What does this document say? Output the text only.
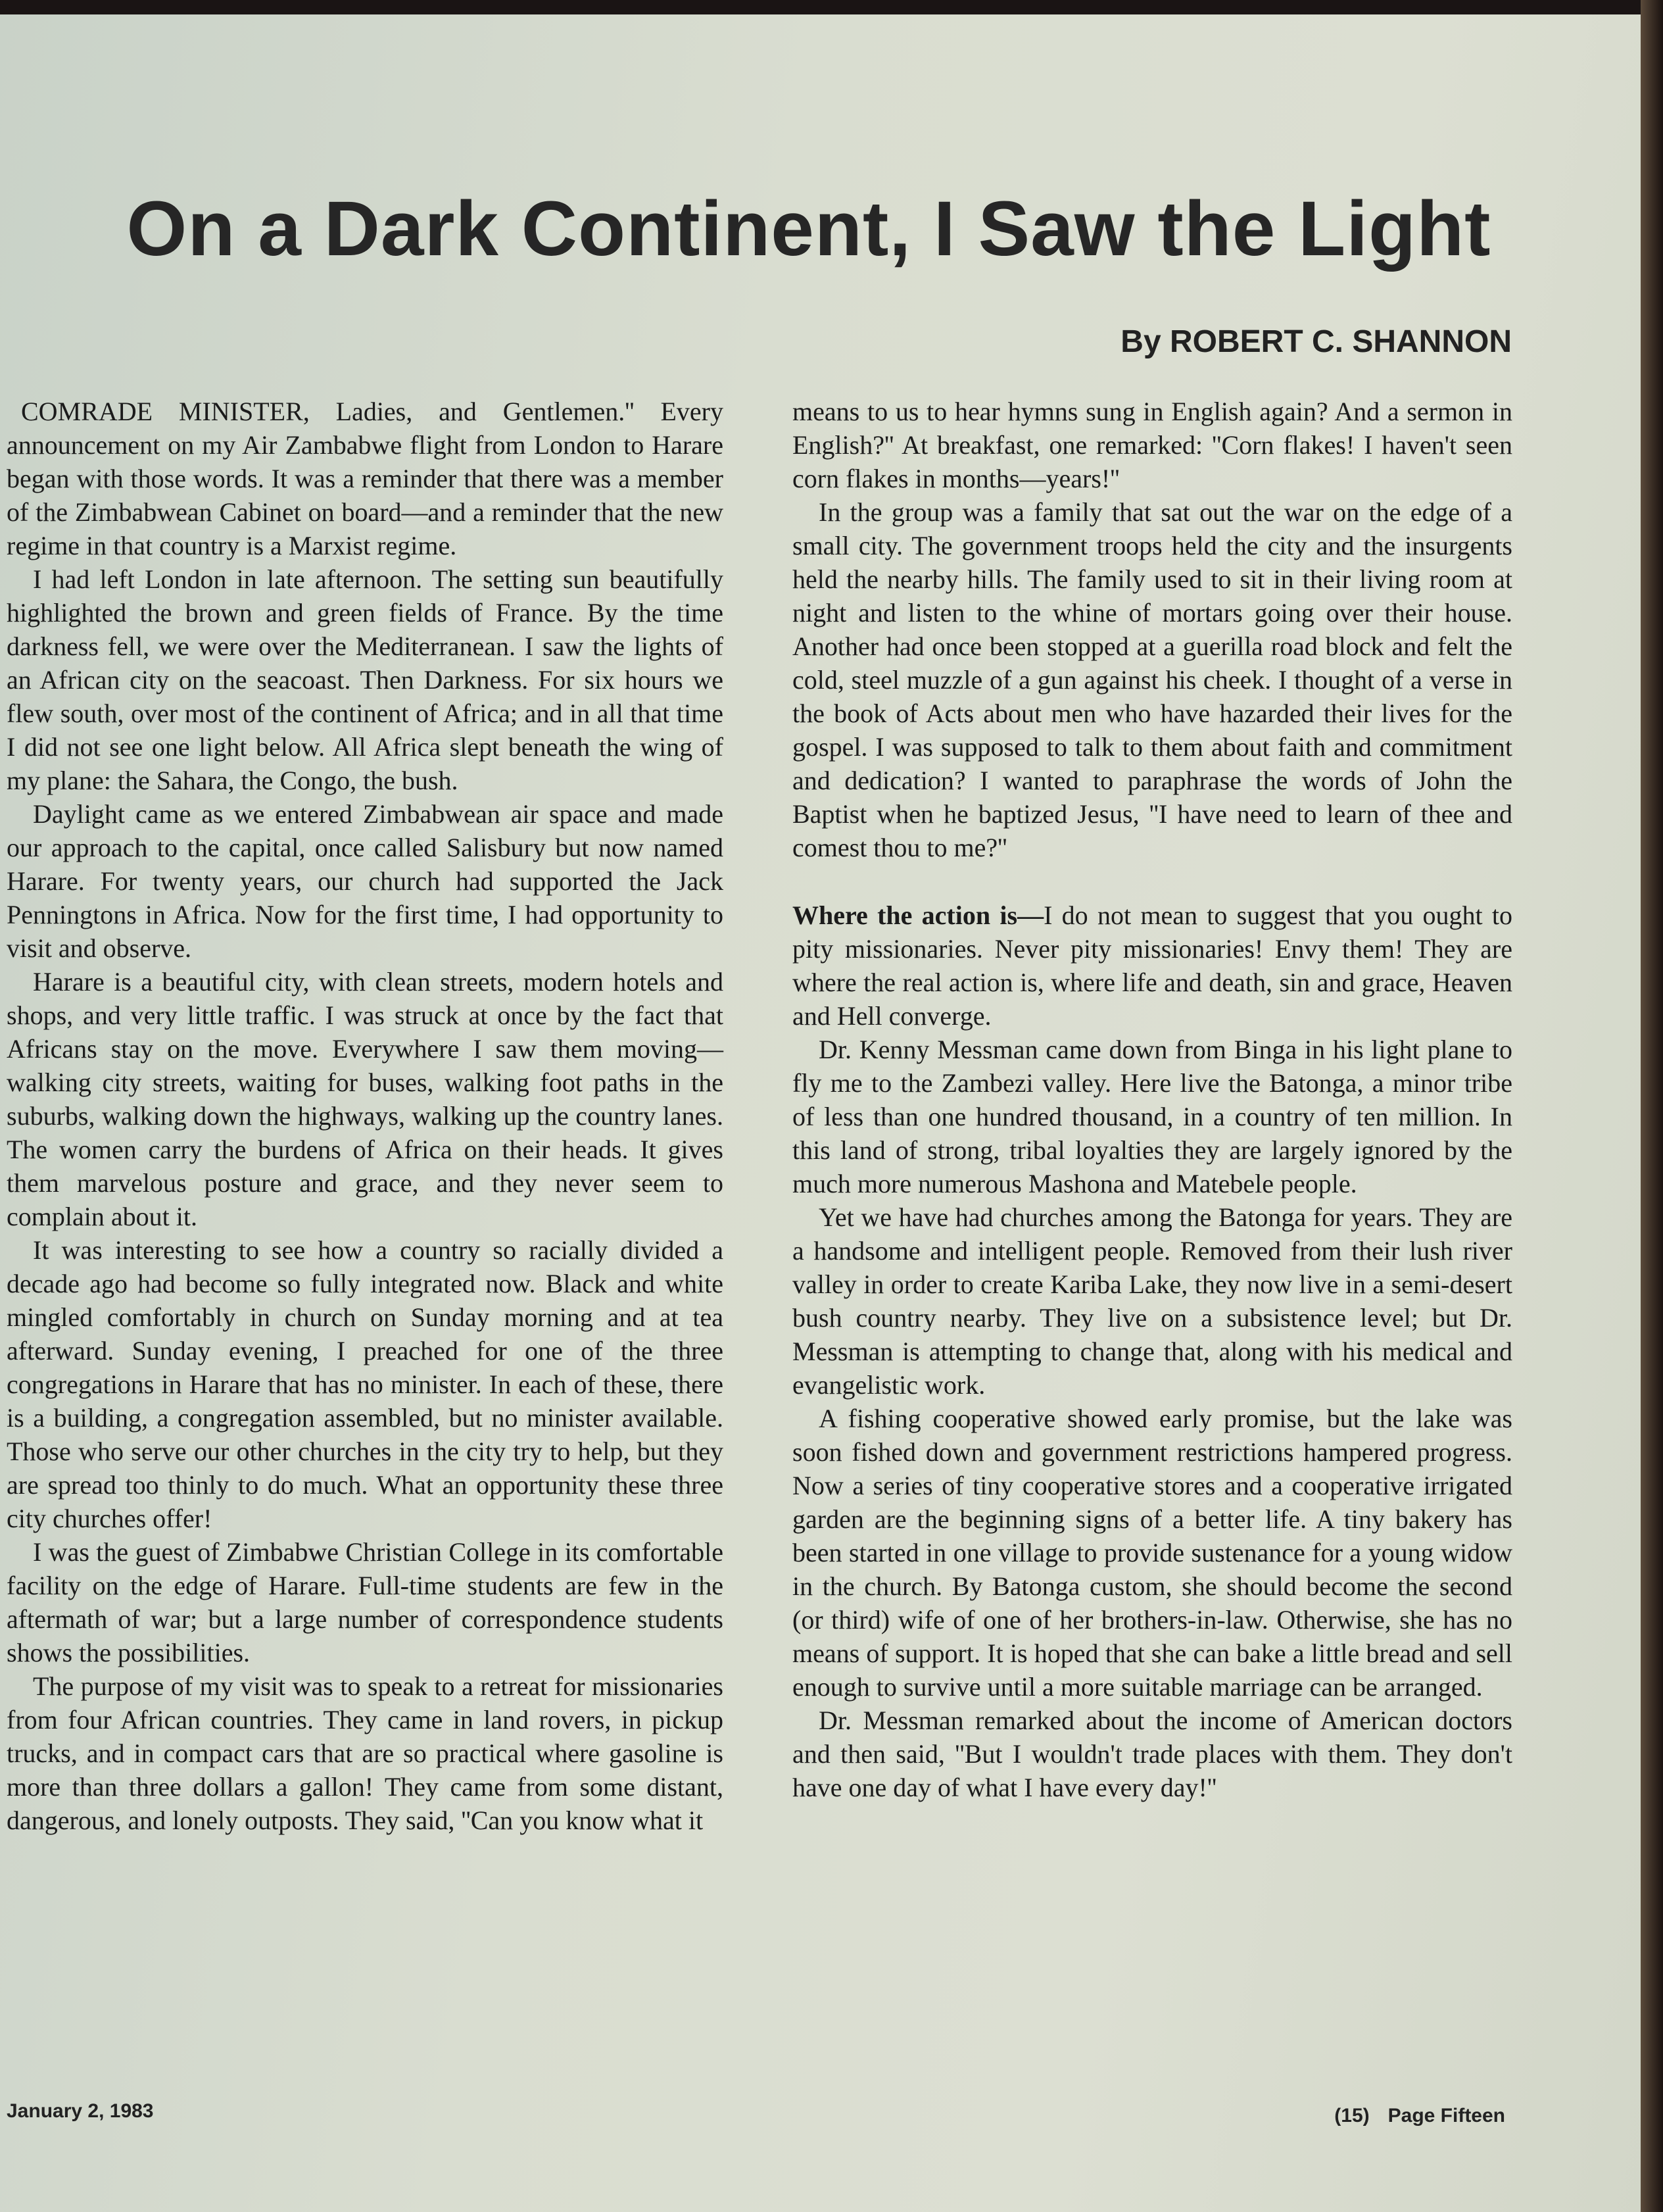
On a Dark Continent, I Saw the Light
By ROBERT C. SHANNON

COMRADE MINISTER, Ladies, and Gentlemen.'' Every announcement on my Air Zambabwe flight from London to Harare began with those words. It was a reminder that there was a member of the Zimbabwean Cabinet on board—and a reminder that the new regime in that country is a Marxist regime.

I had left London in late afternoon. The setting sun beautifully highlighted the brown and green fields of France. By the time darkness fell, we were over the Mediterranean. I saw the lights of an African city on the seacoast. Then Darkness. For six hours we flew south, over most of the continent of Africa; and in all that time I did not see one light below. All Africa slept beneath the wing of my plane: the Sahara, the Congo, the bush.

Daylight came as we entered Zimbabwean air space and made our approach to the capital, once called Salisbury but now named Harare. For twenty years, our church had supported the Jack Penningtons in Africa. Now for the first time, I had opportunity to visit and observe.

Harare is a beautiful city, with clean streets, modern hotels and shops, and very little traffic. I was struck at once by the fact that Africans stay on the move. Everywhere I saw them moving—walking city streets, waiting for buses, walking foot paths in the suburbs, walking down the highways, walking up the country lanes. The women carry the burdens of Africa on their heads. It gives them marvelous posture and grace, and they never seem to complain about it.

It was interesting to see how a country so racially divided a decade ago had become so fully integrated now. Black and white mingled comfortably in church on Sunday morning and at tea afterward. Sunday evening, I preached for one of the three congregations in Harare that has no minister. In each of these, there is a building, a congregation assembled, but no minister available. Those who serve our other churches in the city try to help, but they are spread too thinly to do much. What an opportunity these three city churches offer!

I was the guest of Zimbabwe Christian College in its comfortable facility on the edge of Harare. Full-time students are few in the aftermath of war; but a large number of correspondence students shows the possibilities.

The purpose of my visit was to speak to a retreat for missionaries from four African countries. They came in land rovers, in pickup trucks, and in compact cars that are so practical where gasoline is more than three dollars a gallon! They came from some distant, dangerous, and lonely outposts. They said, ''Can you know what it

means to us to hear hymns sung in English again? And a sermon in English?'' At breakfast, one remarked: ''Corn flakes! I haven't seen corn flakes in months—years!''

In the group was a family that sat out the war on the edge of a small city. The government troops held the city and the insurgents held the nearby hills. The family used to sit in their living room at night and listen to the whine of mortars going over their house. Another had once been stopped at a guerilla road block and felt the cold, steel muzzle of a gun against his cheek. I thought of a verse in the book of Acts about men who have hazarded their lives for the gospel. I was supposed to talk to them about faith and commitment and dedication? I wanted to paraphrase the words of John the Baptist when he baptized Jesus, ''I have need to learn of thee and comest thou to me?''

Where the action is—I do not mean to suggest that you ought to pity missionaries. Never pity missionaries! Envy them! They are where the real action is, where life and death, sin and grace, Heaven and Hell converge.

Dr. Kenny Messman came down from Binga in his light plane to fly me to the Zambezi valley. Here live the Batonga, a minor tribe of less than one hundred thousand, in a country of ten million. In this land of strong, tribal loyalties they are largely ignored by the much more numerous Mashona and Matebele people.

Yet we have had churches among the Batonga for years. They are a handsome and intelligent people. Removed from their lush river valley in order to create Kariba Lake, they now live in a semi-desert bush country nearby. They live on a subsistence level; but Dr. Messman is attempting to change that, along with his medical and evangelistic work.

A fishing cooperative showed early promise, but the lake was soon fished down and government restrictions hampered progress. Now a series of tiny cooperative stores and a cooperative irrigated garden are the beginning signs of a better life. A tiny bakery has been started in one village to provide sustenance for a young widow in the church. By Batonga custom, she should become the second (or third) wife of one of her brothers-in-law. Otherwise, she has no means of support. It is hoped that she can bake a little bread and sell enough to survive until a more suitable marriage can be arranged.

Dr. Messman remarked about the income of American doctors and then said, ''But I wouldn't trade places with them. They don't have one day of what I have every day!''

January 2, 1983	(15) Page Fifteen
